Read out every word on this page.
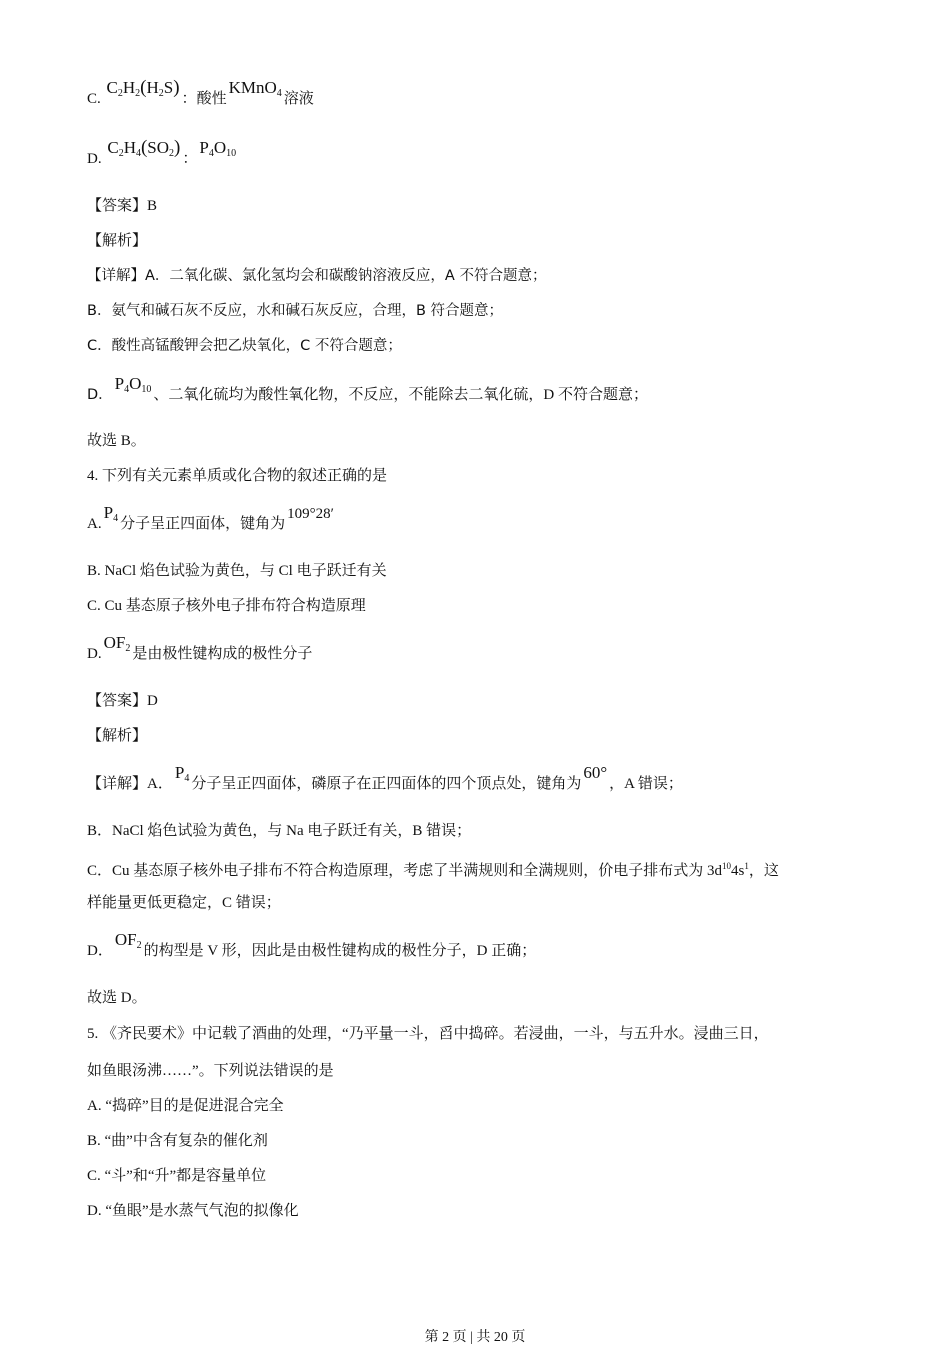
C. $C_2H_2(H_2S)$：酸性KMnO$_4$ 溶液
D. $C_2H_4(SO_2)$：$P_4O_{10}$
【答案】B
【解析】
【详解】A．二氧化碳、氯化氢均会和碳酸钠溶液反应，A 不符合题意；
B．氨气和碱石灰不反应，水和碱石灰反应，合理，B 符合题意；
C．酸性高锰酸钾会把乙炔氧化，C 不符合题意；
D．$P_4O_{10}$ 、二氧化硫均为酸性氧化物，不反应，不能除去二氧化硫，D 不符合题意；
故选 B。
4. 下列有关元素单质或化合物的叙述正确的是
$A.P_4$ 分子呈正四面体，键角为109°28′
B. NaCl 焰色试验为黄色，与 Cl 电子跃迁有关
C. Cu 基态原子核外电子排布符合构造原理
$D.OF_2$ 是由极性键构成的极性分子
【答案】D
【解析】
【详解】A．$P_4$ 分子呈正四面体，磷原子在正四面体的四个顶点处，键角为60°，A 错误；
B．NaCl 焰色试验为黄色，与 Na 电子跃迁有关，B 错误；
C．Cu 基态原子核外电子排布不符合构造原理，考虑了半满规则和全满规则，价电子排布式为 $3d^{10}4s^1$，这
样能量更低更稳定，C 错误；
D．$OF_2$ 的构型是 V 形，因此是由极性键构成的极性分子，D 正确；
故选 D。
5. 《齐民要术》中记载了酒曲的处理，“乃平量一斗，舀中捣碎。若浸曲，一斗，与五升水。浸曲三日，
如鱼眼汤沸……”。下列说法错误的是
A. “捣碎”目的是促进混合完全
B. “曲”中含有复杂的催化剂
C. “斗”和“升”都是容量单位
D. “鱼眼”是水蒸气气泡的拟像化
第 2 页 | 共 20 页
